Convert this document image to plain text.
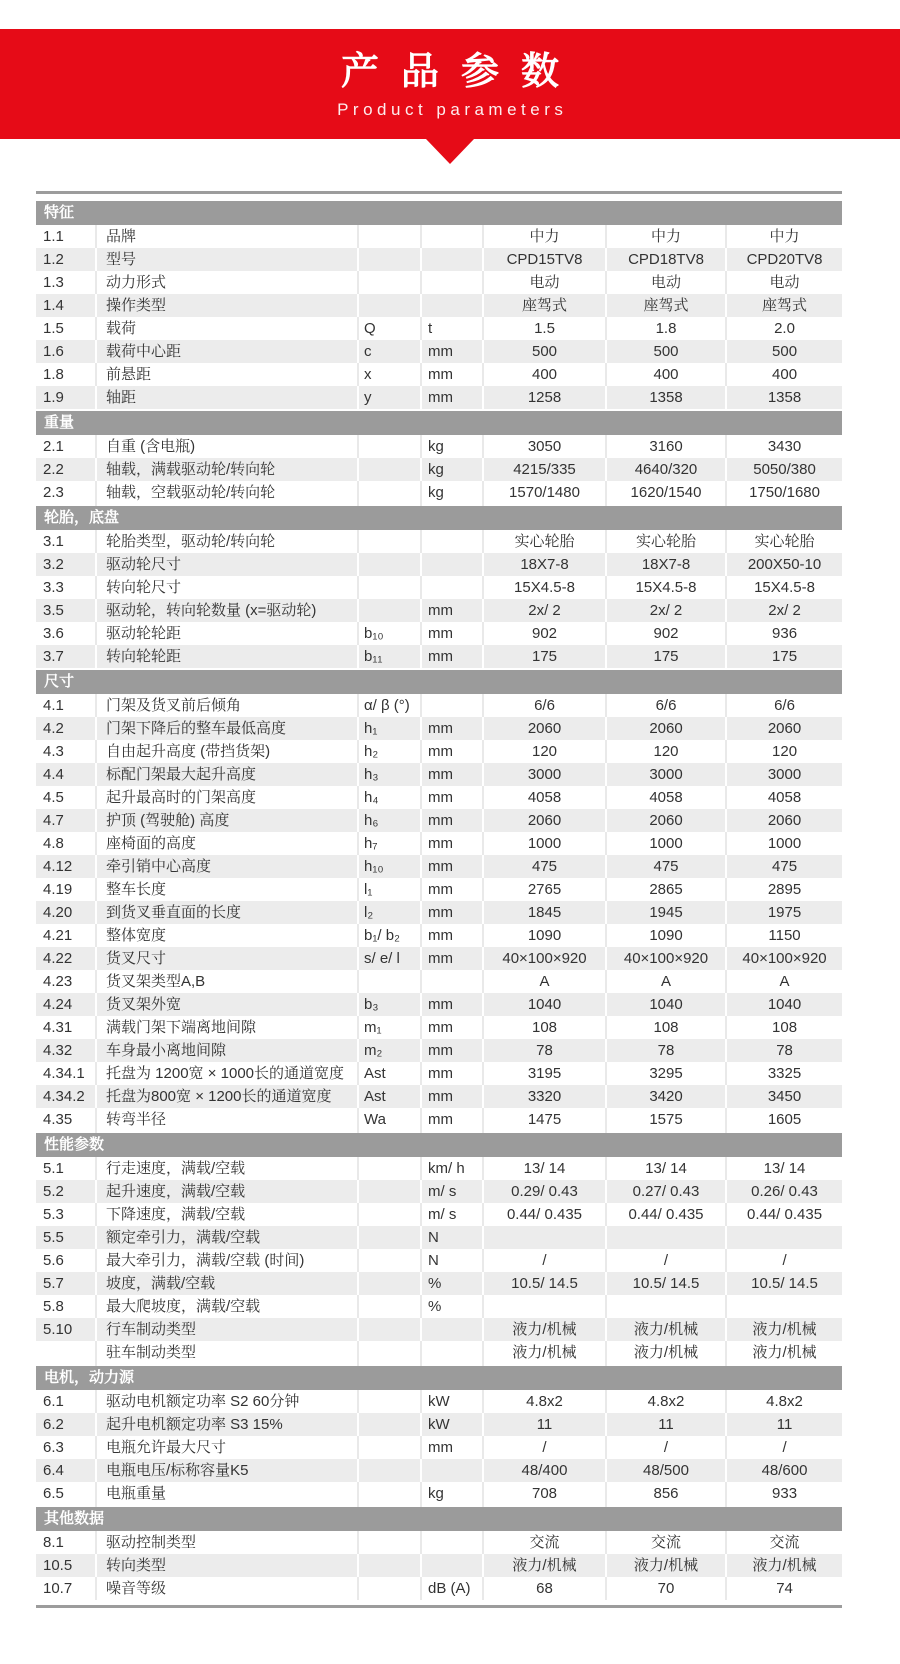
产品参数
Product parameters
特征						
1.1	品牌			中力	中力	中力
1.2	型号			CPD15TV8	CPD18TV8	CPD20TV8
1.3	动力形式			电动	电动	电动
1.4	操作类型			座驾式	座驾式	座驾式
1.5	载荷	Q	t	1.5	1.8	2.0
1.6	载荷中心距	c	mm	500	500	500
1.8	前悬距	x	mm	400	400	400
1.9	轴距	y	mm	1258	1358	1358
重量						
2.1	自重 (含电瓶)		kg	3050	3160	3430
2.2	轴载，满载驱动轮/转向轮		kg	4215/335	4640/320	5050/380
2.3	轴载，空载驱动轮/转向轮		kg	1570/1480	1620/1540	1750/1680
轮胎，底盘						
3.1	轮胎类型，驱动轮/转向轮			实心轮胎	实心轮胎	实心轮胎
3.2	驱动轮尺寸			18X7-8	18X7-8	200X50-10
3.3	转向轮尺寸			15X4.5-8	15X4.5-8	15X4.5-8
3.5	驱动轮，转向轮数量 (x=驱动轮)		mm	2x/ 2	2x/ 2	2x/ 2
3.6	驱动轮轮距	b₁₀	mm	902	902	936
3.7	转向轮轮距	b₁₁	mm	175	175	175
尺寸						
4.1	门架及货叉前后倾角	α/ β (°)		6/6	6/6	6/6
4.2	门架下降后的整车最低高度	h₁	mm	2060	2060	2060
4.3	自由起升高度 (带挡货架)	h₂	mm	120	120	120
4.4	标配门架最大起升高度	h₃	mm	3000	3000	3000
4.5	起升最高时的门架高度	h₄	mm	4058	4058	4058
4.7	护顶 (驾驶舱) 高度	h₆	mm	2060	2060	2060
4.8	座椅面的高度	h₇	mm	1000	1000	1000
4.12	牵引销中心高度	h₁₀	mm	475	475	475
4.19	整车长度	l₁	mm	2765	2865	2895
4.20	到货叉垂直面的长度	l₂	mm	1845	1945	1975
4.21	整体宽度	b₁/ b₂	mm	1090	1090	1150
4.22	货叉尺寸	s/ e/ l	mm	40×100×920	40×100×920	40×100×920
4.23	货叉架类型A,B			A	A	A
4.24	货叉架外宽	b₃	mm	1040	1040	1040
4.31	满载门架下端离地间隙	m₁	mm	108	108	108
4.32	车身最小离地间隙	m₂	mm	78	78	78
4.34.1	托盘为 1200宽 × 1000长的通道宽度	Ast	mm	3195	3295	3325
4.34.2	托盘为800宽 × 1200长的通道宽度	Ast	mm	3320	3420	3450
4.35	转弯半径	Wa	mm	1475	1575	1605
性能参数						
5.1	行走速度，满载/空载		km/ h	13/ 14	13/ 14	13/ 14
5.2	起升速度，满载/空载		m/ s	0.29/ 0.43	0.27/ 0.43	0.26/ 0.43
5.3	下降速度，满载/空载		m/ s	0.44/ 0.435	0.44/ 0.435	0.44/ 0.435
5.5	额定牵引力，满载/空载		N			
5.6	最大牵引力，满载/空载 (时间)		N	/	/	/
5.7	坡度，满载/空载		%	10.5/ 14.5	10.5/ 14.5	10.5/ 14.5
5.8	最大爬坡度，满载/空载		%			
5.10	行车制动类型			液力/机械	液力/机械	液力/机械
	驻车制动类型			液力/机械	液力/机械	液力/机械
电机，动力源						
6.1	驱动电机额定功率 S2 60分钟		kW	4.8x2	4.8x2	4.8x2
6.2	起升电机额定功率 S3 15%		kW	11	11	11
6.3	电瓶允许最大尺寸		mm	/	/	/
6.4	电瓶电压/标称容量K5			48/400	48/500	48/600
6.5	电瓶重量		kg	708	856	933
其他数据						
8.1	驱动控制类型			交流	交流	交流
10.5	转向类型			液力/机械	液力/机械	液力/机械
10.7	噪音等级		dB (A)	68	70	74
